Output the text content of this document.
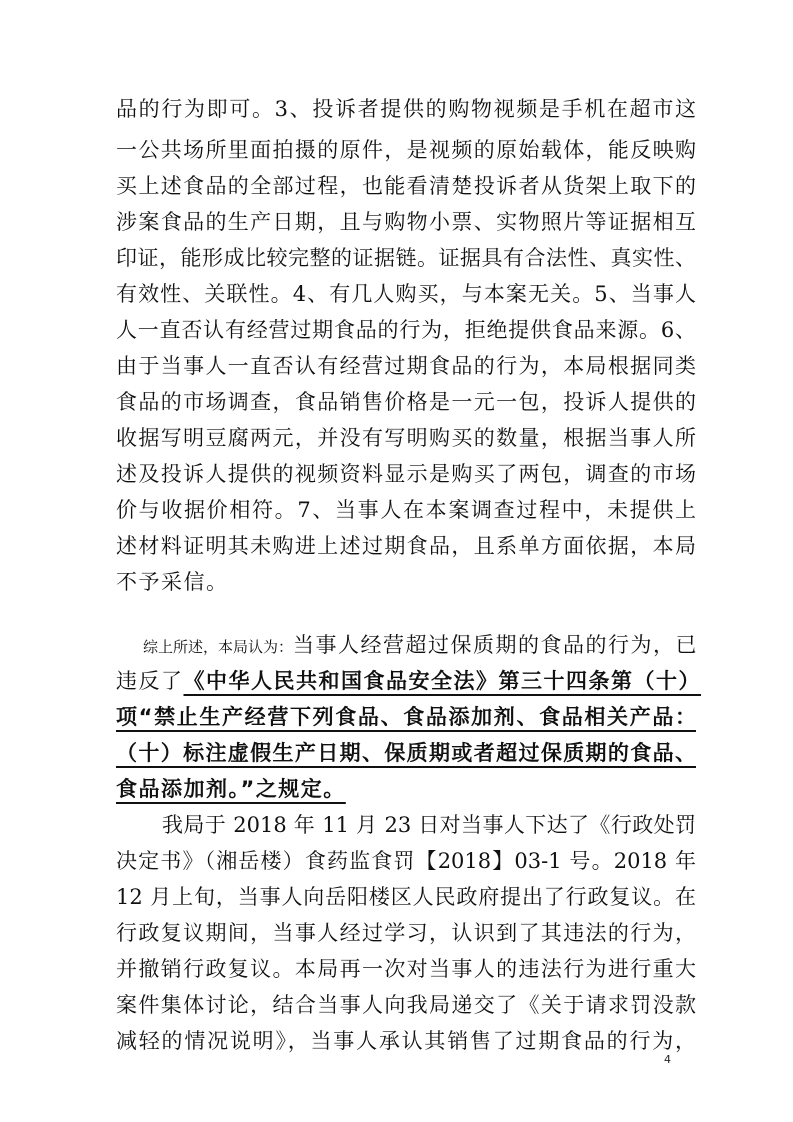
品的行为即可。3、投诉者提供的购物视频是手机在超市这
一公共场所里面拍摄的原件，是视频的原始载体，能反映购
买上述食品的全部过程，也能看清楚投诉者从货架上取下的
涉案食品的生产日期，且与购物小票、实物照片等证据相互
印证，能形成比较完整的证据链。证据具有合法性、真实性、
有效性、关联性。4、有几人购买，与本案无关。5、当事人
人一直否认有经营过期食品的行为，拒绝提供食品来源。6、
由于当事人一直否认有经营过期食品的行为，本局根据同类
食品的市场调查，食品销售价格是一元一包，投诉人提供的
收据写明豆腐两元，并没有写明购买的数量，根据当事人所
述及投诉人提供的视频资料显示是购买了两包，调查的市场
价与收据价相符。7、当事人在本案调查过程中，未提供上
述材料证明其未购进上述过期食品，且系单方面依据，本局
不予采信。
综上所述，本局认为：当事人经营超过保质期的食品的行为，已
违反了《中华人民共和国食品安全法》第三十四条第（十）
项“禁止生产经营下列食品、食品添加剂、食品相关产品：
（十）标注虚假生产日期、保质期或者超过保质期的食品、
食品添加剂。”之规定。
我局于 2018 年 11 月 23 日对当事人下达了《行政处罚
决定书》（湘岳楼）食药监食罚【2018】03-1 号。2018 年
12 月上旬，当事人向岳阳楼区人民政府提出了行政复议。在
行政复议期间，当事人经过学习，认识到了其违法的行为，
并撤销行政复议。本局再一次对当事人的违法行为进行重大
案件集体讨论，结合当事人向我局递交了《关于请求罚没款
减轻的情况说明》，当事人承认其销售了过期食品的行为，
4
